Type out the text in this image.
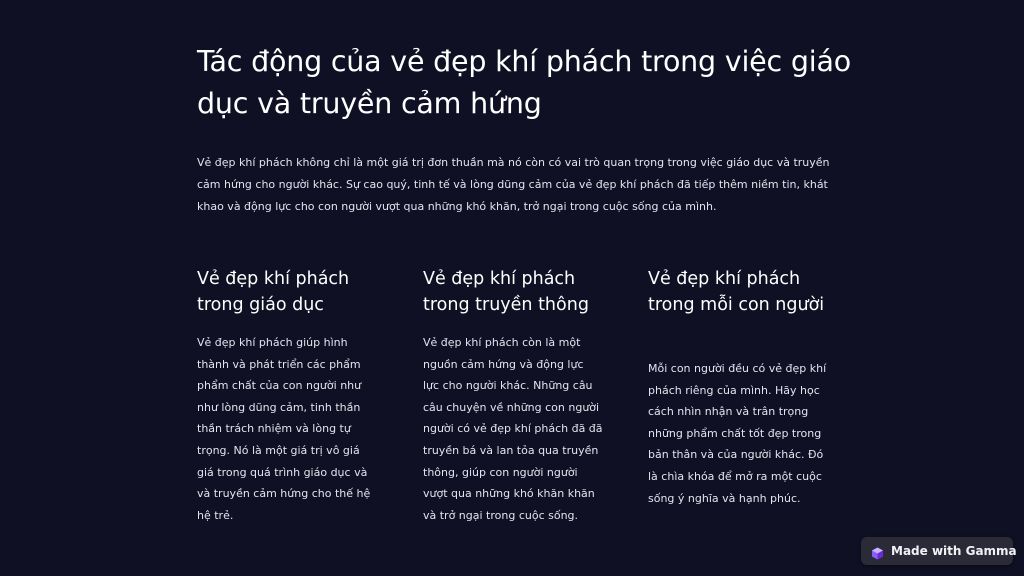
Tác động của vẻ đẹp khí phách trong việc giáo dục và truyền cảm hứng

Vẻ đẹp khí phách không chỉ là một giá trị đơn thuần mà nó còn có vai trò quan trọng trong việc giáo dục và truyền cảm hứng cho người khác. Sự cao quý, tinh tế và lòng dũng cảm của vẻ đẹp khí phách đã tiếp thêm niềm tin, khát khao và động lực cho con người vượt qua những khó khăn, trở ngại trong cuộc sống của mình.

Vẻ đẹp khí phách trong giáo dục

Vẻ đẹp khí phách giúp hình thành và phát triển các phẩm phẩm chất của con người như như lòng dũng cảm, tinh thần thần trách nhiệm và lòng tự trọng. Nó là một giá trị vô giá giá trong quá trình giáo dục và và truyền cảm hứng cho thế hệ hệ trẻ.

Vẻ đẹp khí phách trong truyền thông

Vẻ đẹp khí phách còn là một nguồn cảm hứng và động lực lực cho người khác. Những câu câu chuyện về những con người người có vẻ đẹp khí phách đã đã truyền bá và lan tỏa qua truyền thông, giúp con người người vượt qua những khó khăn khăn và trở ngại trong cuộc sống.

Vẻ đẹp khí phách trong mỗi con người

Mỗi con người đều có vẻ đẹp khí phách riêng của mình. Hãy học cách nhìn nhận và trân trọng những phẩm chất tốt đẹp trong bản thân và của người khác. Đó là chìa khóa để mở ra một cuộc sống ý nghĩa và hạnh phúc.

Made with Gamma
